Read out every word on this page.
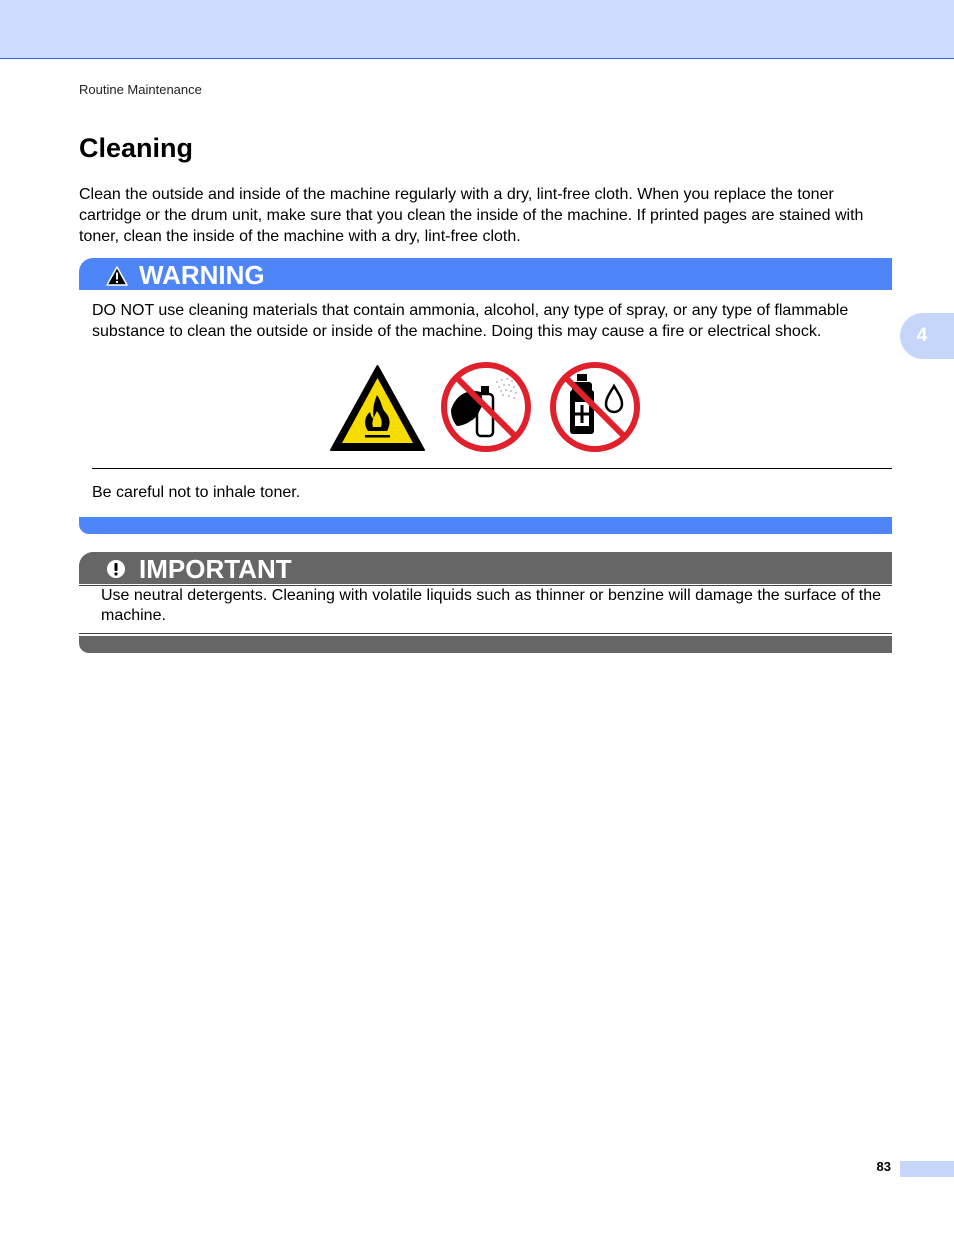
Routine Maintenance
Cleaning

Clean the outside and inside of the machine regularly with a dry, lint-free cloth. When you replace the toner cartridge or the drum unit, make sure that you clean the inside of the machine. If printed pages are stained with toner, clean the inside of the machine with a dry, lint-free cloth.

4
WARNING

DO NOT use cleaning materials that contain ammonia, alcohol, any type of spray, or any type of flammable substance to clean the outside or inside of the machine. Doing this may cause a fire or electrical shock.

Be careful not to inhale toner.
IMPORTANT

Use neutral detergents. Cleaning with volatile liquids such as thinner or benzine will damage the surface of the machine.

83
